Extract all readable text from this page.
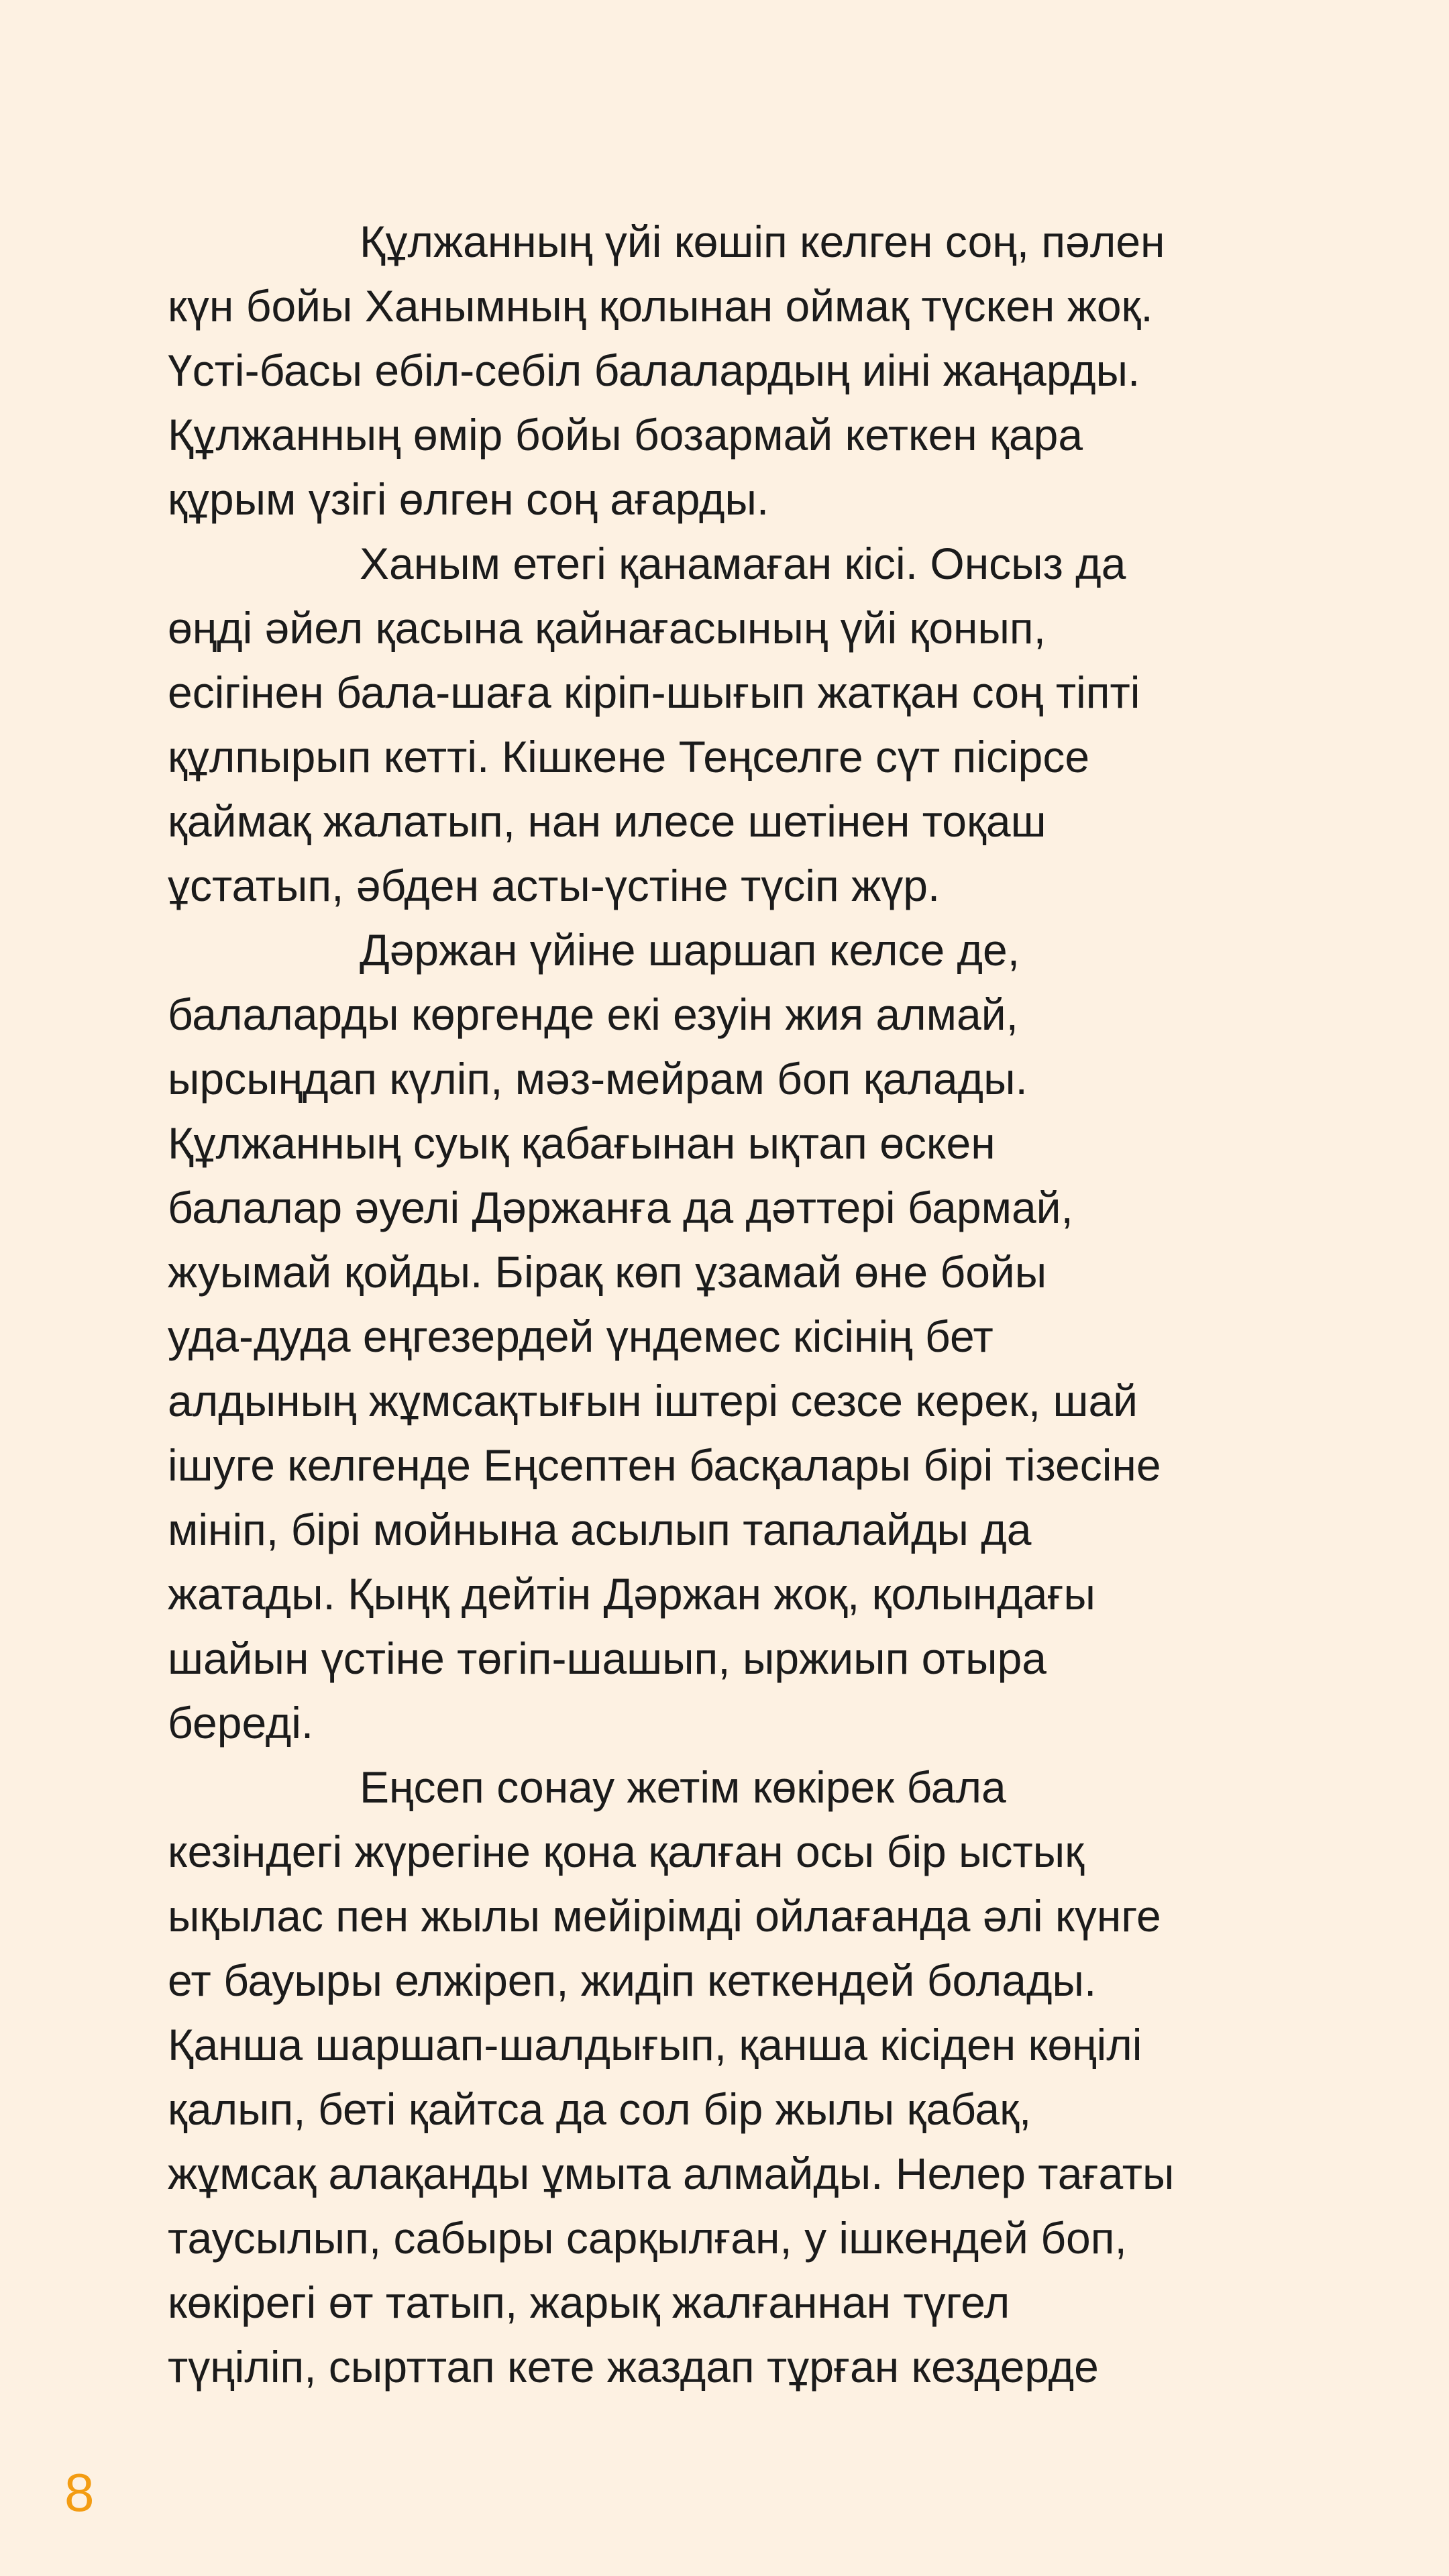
Құлжанның үйі көшіп келген соң, пәлен
күн бойы Ханымның қолынан оймақ түскен жоқ.
Үсті-басы ебіл-себіл балалардың иіні жаңарды.
Құлжанның өмір бойы бозармай кеткен қара
құрым үзігі өлген соң ағарды.
Ханым етегі қанамаған кісі. Онсыз да
өңді әйел қасына қайнағасының үйі қонып,
есігінен бала-шаға кіріп-шығып жатқан соң тіпті
құлпырып кетті. Кішкене Теңселге сүт пісірсе
қаймақ жалатып, нан илесе шетінен тоқаш
ұстатып, әбден асты-үстіне түсіп жүр.
Дәржан үйіне шаршап келсе де,
балаларды көргенде екі езуін жия алмай,
ырсыңдап күліп, мәз-мейрам боп қалады.
Құлжанның суық қабағынан ықтап өскен
балалар әуелі Дәржанға да дәттері бармай,
жуымай қойды. Бірақ көп ұзамай өне бойы
уда-дуда еңгезердей үндемес кісінің бет
алдының жұмсақтығын іштері сезсе керек, шай
ішуге келгенде Еңсептен басқалары бірі тізесіне
мініп, бірі мойнына асылып тапалайды да
жатады. Қыңқ дейтін Дәржан жоқ, қолындағы
шайын үстіне төгіп-шашып, ыржиып отыра
береді.
Еңсеп сонау жетім көкірек бала
кезіндегі жүрегіне қона қалған осы бір ыстық
ықылас пен жылы мейірімді ойлағанда әлі күнге
ет бауыры елжіреп, жидіп кеткендей болады.
Қанша шаршап-шалдығып, қанша кісіден көңілі
қалып, беті қайтса да сол бір жылы қабақ,
жұмсақ алақанды ұмыта алмайды. Нелер тағаты
таусылып, сабыры сарқылған, у ішкендей боп,
көкірегі өт татып, жарық жалғаннан түгел
түңіліп, сырттап кете жаздап тұрған кездерде
8
